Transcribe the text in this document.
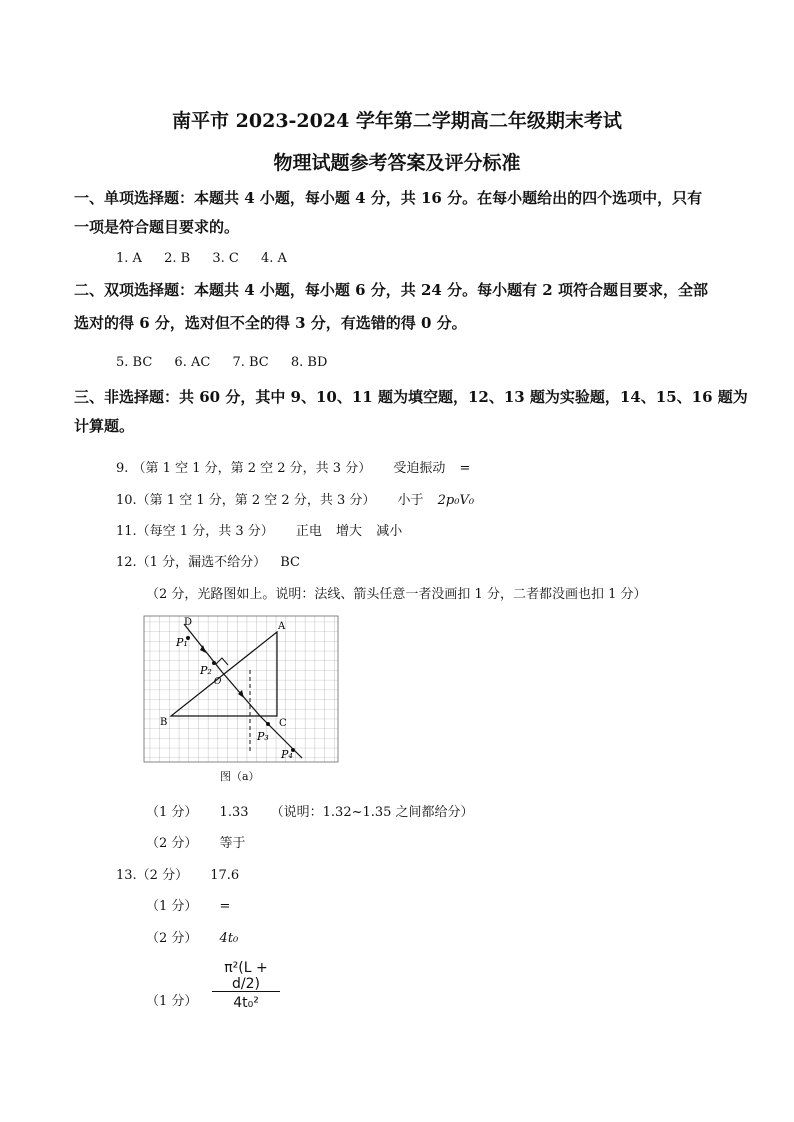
南平市 2023-2024 学年第二学期高二年级期末考试
物理试题参考答案及评分标准
一、单项选择题：本题共 4 小题，每小题 4 分，共 16 分。在每小题给出的四个选项中，只有
一项是符合题目要求的。
1. A 2. B 3. C 4. A
二、双项选择题：本题共 4 小题，每小题 6 分，共 24 分。每小题有 2 项符合题目要求，全部
选对的得 6 分，选对但不全的得 3 分，有选错的得 0 分。
5. BC 6. AC 7. BC 8. BD
三、非选择题：共 60 分，其中 9、10、11 题为填空题，12、13 题为实验题，14、15、16 题为
计算题。
9. （第 1 空 1 分，第 2 空 2 分，共 3 分） 受迫振动 =
10.（第 1 空 1 分，第 2 空 2 分，共 3 分） 小于 2p₀V₀
11.（每空 1 分，共 3 分） 正电 增大 减小
12.（1 分，漏选不给分） BC
（2 分，光路图如上。说明：法线、箭头任意一者没画扣 1 分，二者都没画也扣 1 分）
A
B	C
D
O
P₁
P₂
P₃
P₄
图（a）
（1 分） 1.33 （说明：1.32~1.35 之间都给分）
（2 分） 等于
13.（2 分） 17.6
（1 分） =
（2 分） 4t₀
（1 分）
π²(L + d/2)
4t₀²
